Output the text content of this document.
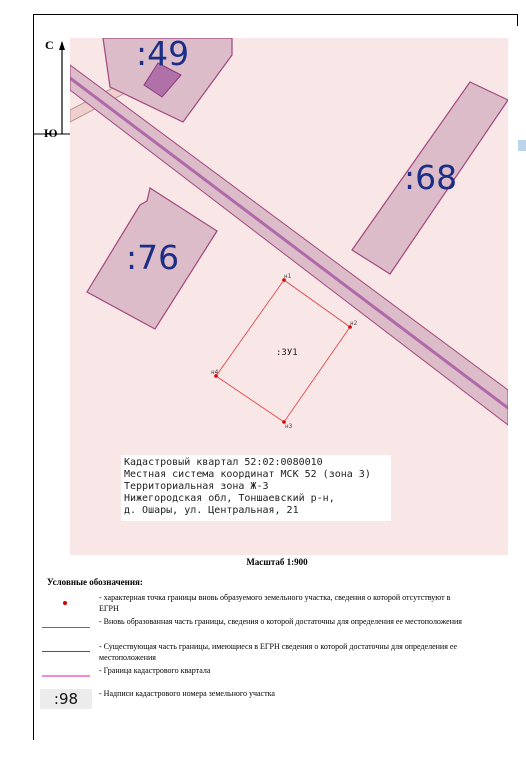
С
Ю
:49
:68
:76	н1
н2
н3
н4
:ЗУ1
Кадастровый квартал 52:02:0080010
Местная система координат МСК 52 (зона 3)
Территориальная зона Ж-3
Нижегородская обл, Тоншаевский р-н,
д. Ошары, ул. Центральная, 21
Масштаб 1:900
Условные обозначения:
- характерная точка границы вновь образуемого земельного участка, сведения о которой отсутствуют в ЕГРН
- Вновь образованная часть границы, сведения о которой достаточны для определения ее местоположения
- Существующая часть границы, имеющиеся в ЕГРН сведения о которой достаточны для определения ее местоположения
- Граница кадастрового квартала
:98	- Надписи кадастрового номера земельного участка
